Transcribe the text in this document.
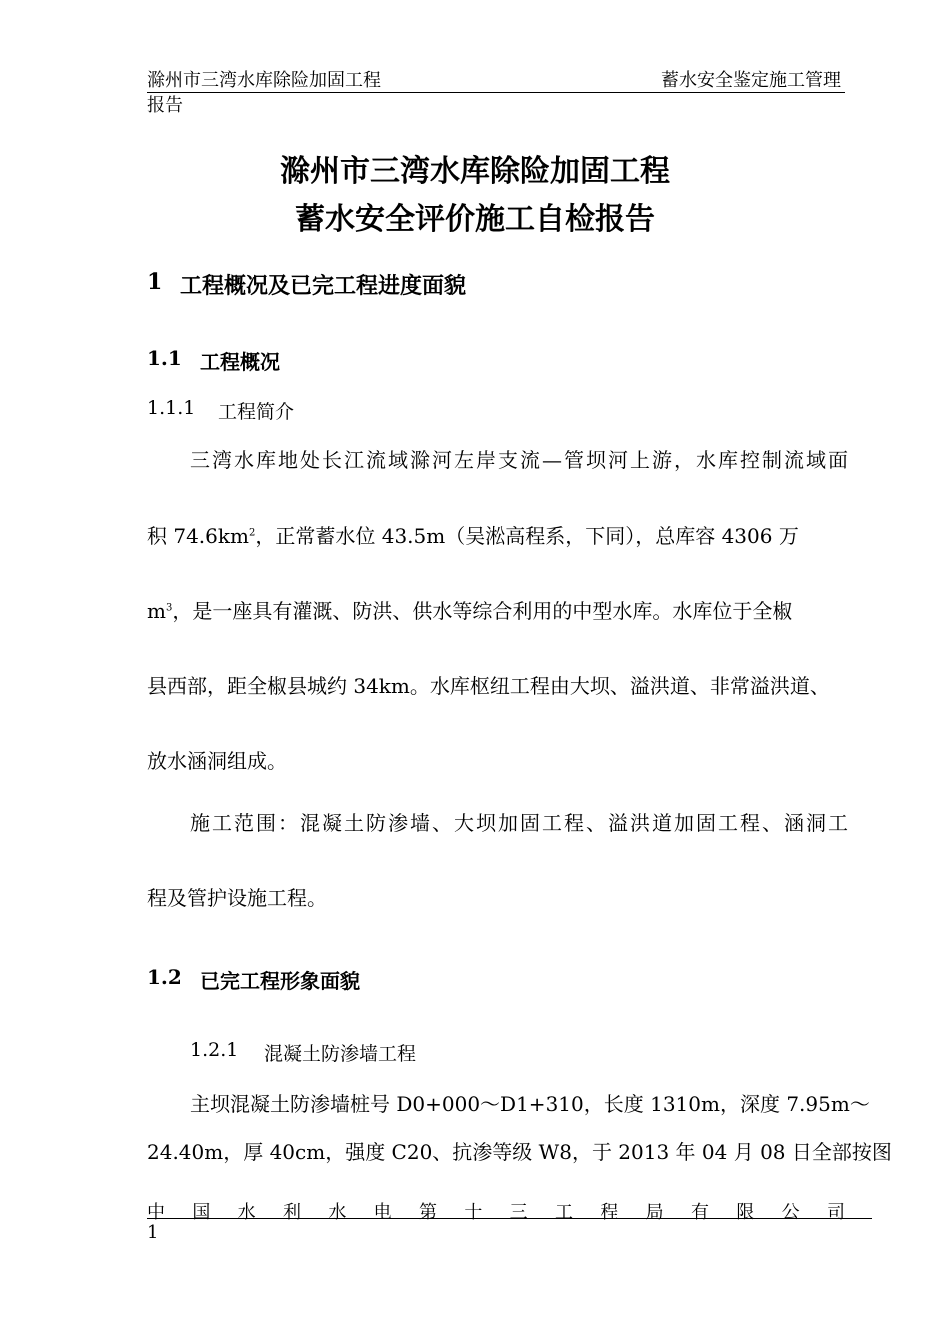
滁州市三湾水库除险加固工程	蓄水安全鉴定施工管理
报告
滁州市三湾水库除险加固工程
蓄水安全评价施工自检报告
1 工程概况及已完工程进度面貌
1.1 工程概况
1.1.1 工程简介
三湾水库地处长江流域滁河左岸支流—管坝河上游，水库控制流域面
积 $74.6km^2$，正常蓄水位 43.5m（吴淞高程系，下同），总库容 4306 万
$m^3$，是一座具有灌溉、防洪、供水等综合利用的中型水库。水库位于全椒
县西部，距全椒县城约 34km。水库枢纽工程由大坝、溢洪道、非常溢洪道、
放水涵洞组成。
施工范围：混凝土防渗墙、大坝加固工程、溢洪道加固工程、涵洞工
程及管护设施工程。
1.2 已完工程形象面貌
1.2.1 混凝土防渗墙工程
主坝混凝土防渗墙桩号 D0+000～D1+310，长度 1310m，深度 7.95m～
24.40m，厚 40cm，强度 C20、抗渗等级 W8，于 2013 年 04 月 08 日全部按图
中国水利水电第十三工程局有限公司
1
